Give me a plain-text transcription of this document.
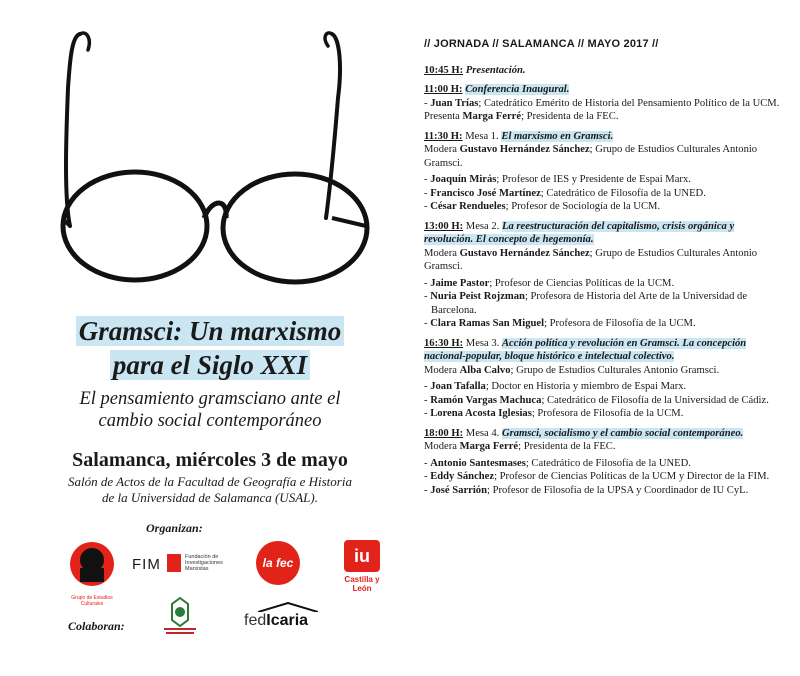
Gramsci: Un marxismo
para el Siglo XXI
El pensamiento gramsciano ante el
cambio social contemporáneo
Salamanca, miércoles 3 de mayo
Salón de Actos de la Facultad de Geografía e Historia
de la Universidad de Salamanca (USAL).
Organizan:
Grupo de Estudios Culturales
FIM	Fundación de
Investigaciones
Marxistas	la fec	iu
Castilla y León
Colaboran:	fedIcaria
// JORNADA // SALAMANCA // MAYO 2017 //
10:45 H: Presentación.
11:00 H: Conferencia Inaugural.
- Juan Trías; Catedrático Emérito de Historia del Pensamiento Político de la UCM.
Presenta Marga Ferré; Presidenta de la FEC.
11:30 H: Mesa 1. El marxismo en Gramsci.
Modera Gustavo Hernández Sánchez; Grupo de Estudios Culturales Antonio Gramsci.
- Joaquín Mirás; Profesor de IES y Presidente de Espai Marx.
- Francisco José Martínez; Catedrático de Filosofía de la UNED.
- César Rendueles; Profesor de Sociología de la UCM.
13:00 H: Mesa 2. La reestructuración del capitalismo, crisis orgánica y revolución. El concepto de hegemonía.
Modera Gustavo Hernández Sánchez; Grupo de Estudios Culturales Antonio Gramsci.
- Jaime Pastor; Profesor de Ciencias Políticas de la UCM.
- Nuria Peist Rojzman; Profesora de Historia del Arte de la Universidad de Barcelona.
- Clara Ramas San Miguel; Profesora de Filosofía de la UCM.
16:30 H: Mesa 3. Acción política y revolución en Gramsci. La concepción nacional-popular, bloque histórico e intelectual colectivo.
Modera Alba Calvo; Grupo de Estudios Culturales Antonio Gramsci.
- Joan Tafalla; Doctor en Historia y miembro de Espai Marx.
- Ramón Vargas Machuca; Catedrático de Filosofía de la Universidad de Cádiz.
- Lorena Acosta Iglesias; Profesora de Filosofía de la UCM.
18:00 H: Mesa 4. Gramsci, socialismo y el cambio social contemporáneo.
Modera Marga Ferré; Presidenta de la FEC.
- Antonio Santesmases; Catedrático de Filosofía de la UNED.
- Eddy Sánchez; Profesor de Ciencias Políticas de la UCM y Director de la FIM.
- José Sarrión; Profesor de Filosofía de la UPSA y Coordinador de IU CyL.
